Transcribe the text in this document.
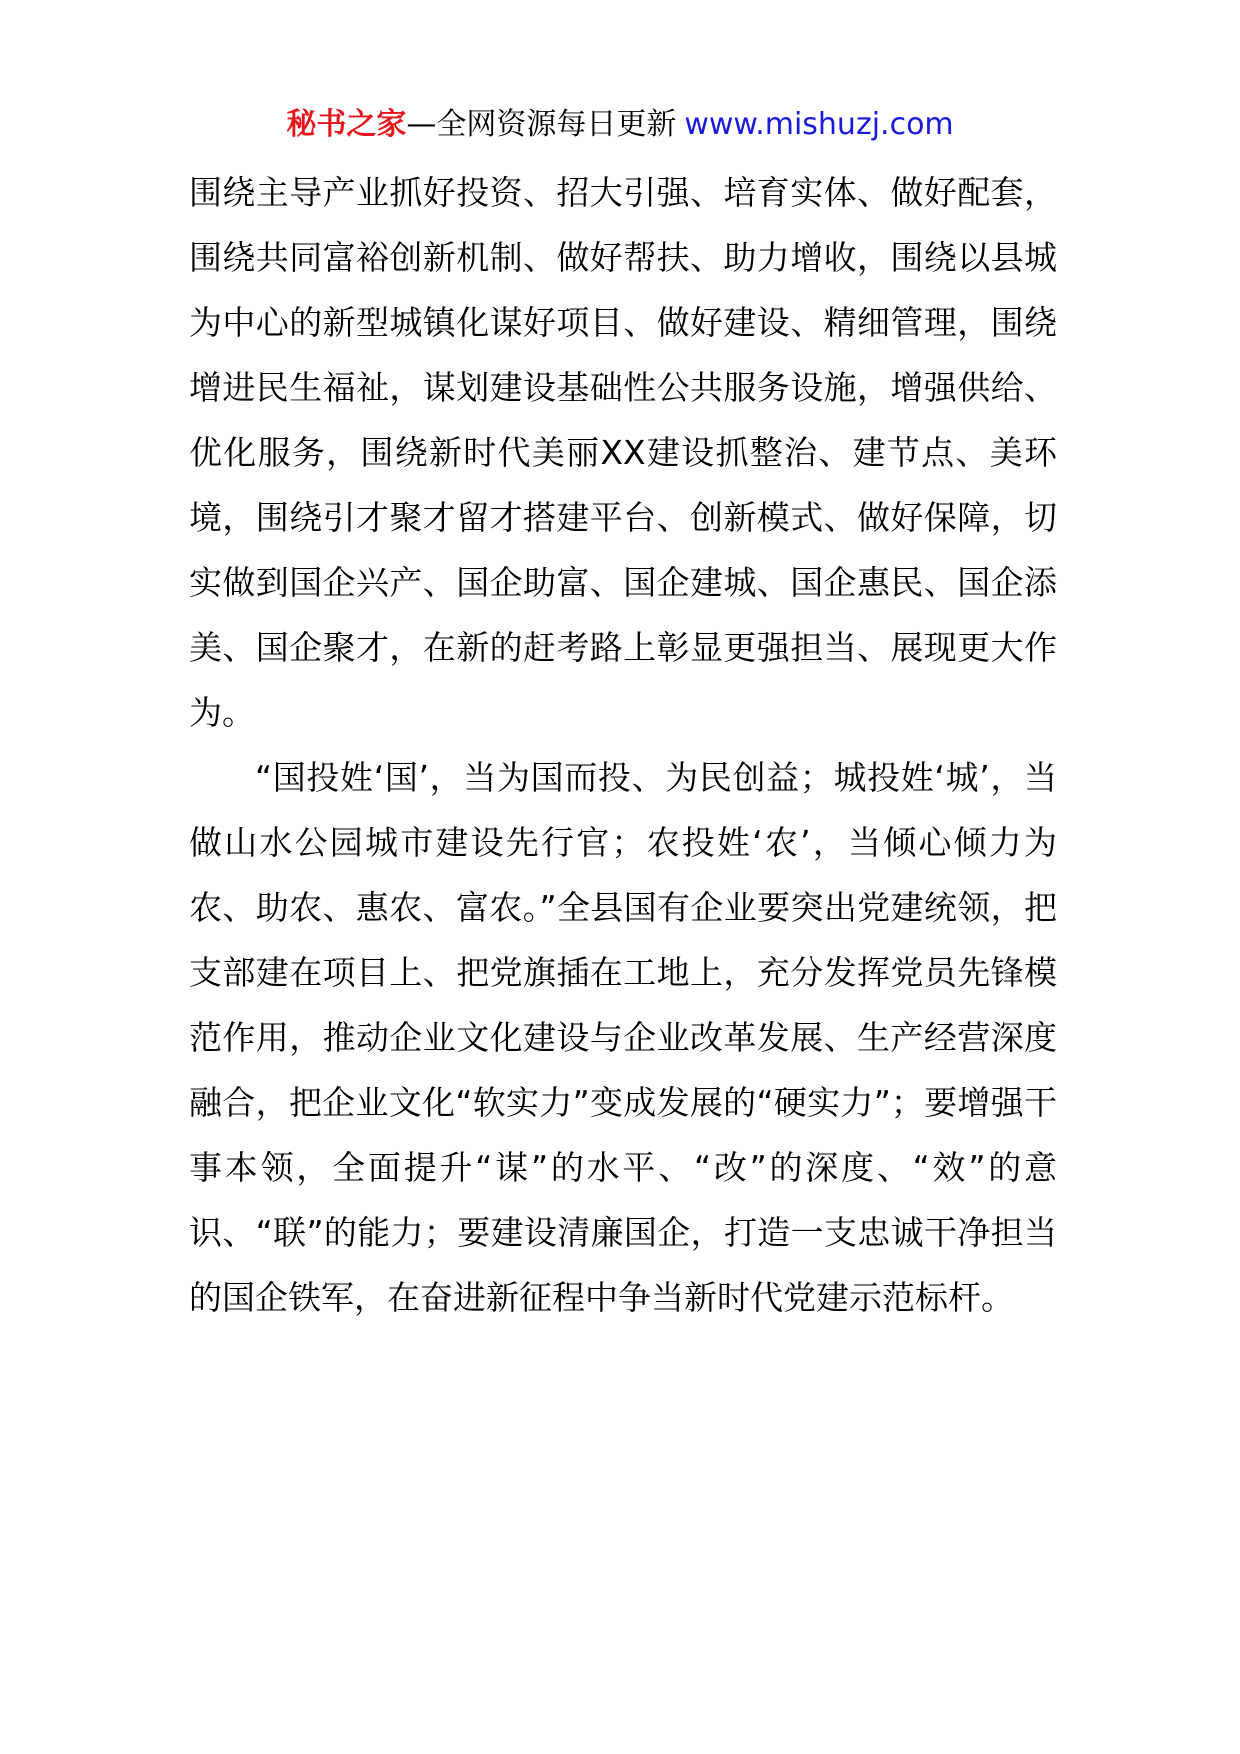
秘书之家—全网资源每日更新 www.mishuzj.com

围绕主导产业抓好投资、招大引强、培育实体、做好配套，围绕共同富裕创新机制、做好帮扶、助力增收，围绕以县城为中心的新型城镇化谋好项目、做好建设、精细管理，围绕增进民生福祉，谋划建设基础性公共服务设施，增强供给、优化服务，围绕新时代美丽XX建设抓整治、建节点、美环境，围绕引才聚才留才搭建平台、创新模式、做好保障，切实做到国企兴产、国企助富、国企建城、国企惠民、国企添美、国企聚才，在新的赶考路上彰显更强担当、展现更大作为。

“国投姓‘国’，当为国而投、为民创益；城投姓‘城’，当做山水公园城市建设先行官；农投姓‘农’，当倾心倾力为农、助农、惠农、富农。”全县国有企业要突出党建统领，把支部建在项目上、把党旗插在工地上，充分发挥党员先锋模范作用，推动企业文化建设与企业改革发展、生产经营深度融合，把企业文化“软实力”变成发展的“硬实力”；要增强干事本领，全面提升“谋”的水平、“改”的深度、“效”的意识、“联”的能力；要建设清廉国企，打造一支忠诚干净担当的国企铁军，在奋进新征程中争当新时代党建示范标杆。
